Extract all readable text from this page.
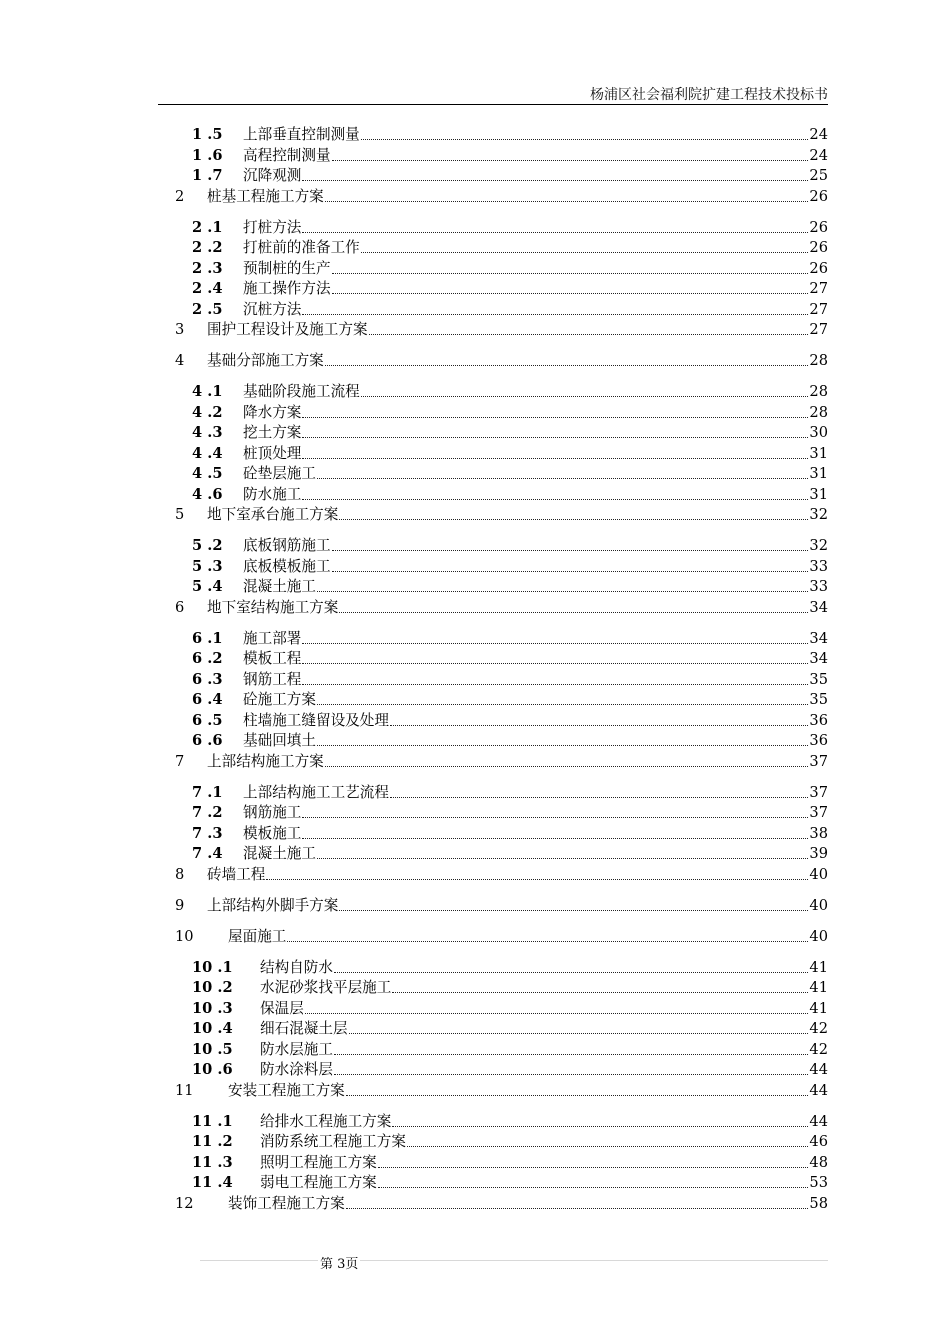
杨浦区社会福利院扩建工程技术投标书
1 .5	上部垂直控制测量	24
1 .6	高程控制测量	24
1 .7	沉降观测	25
2	桩基工程施工方案	26
2 .1	打桩方法	26
2 .2	打桩前的准备工作	26
2 .3	预制桩的生产	26
2 .4	施工操作方法	27
2 .5	沉桩方法	27
3	围护工程设计及施工方案	27
4	基础分部施工方案	28
4 .1	基础阶段施工流程	28
4 .2	降水方案	28
4 .3	挖土方案	30
4 .4	桩顶处理	31
4 .5	砼垫层施工	31
4 .6	防水施工	31
5	地下室承台施工方案	32
5 .2	底板钢筋施工	32
5 .3	底板模板施工	33
5 .4	混凝土施工	33
6	地下室结构施工方案	34
6 .1	施工部署	34
6 .2	模板工程	34
6 .3	钢筋工程	35
6 .4	砼施工方案	35
6 .5	柱墙施工缝留设及处理	36
6 .6	基础回填土	36
7	上部结构施工方案	37
7 .1	上部结构施工工艺流程	37
7 .2	钢筋施工	37
7 .3	模板施工	38
7 .4	混凝土施工	39
8	砖墙工程	40
9	上部结构外脚手方案	40
10	屋面施工	40
10 .1	结构自防水	41
10 .2	水泥砂浆找平层施工	41
10 .3	保温层	41
10 .4	细石混凝土层	42
10 .5	防水层施工	42
10 .6	防水涂料层	44
11	安装工程施工方案	44
11 .1	给排水工程施工方案	44
11 .2	消防系统工程施工方案	46
11 .3	照明工程施工方案	48
11 .4	弱电工程施工方案	53
12	装饰工程施工方案	58
第 3页
